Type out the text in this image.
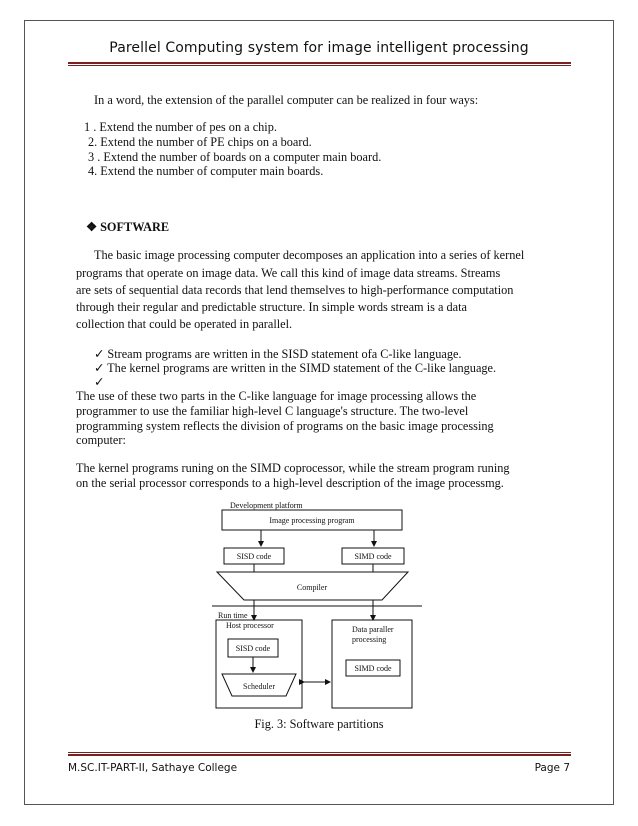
Parellel Computing system for image intelligent processing
In a word, the extension of the parallel computer can be realized in four ways:
1 . Extend the number of pes on a chip.
2. Extend the number of PE chips on a board.
3 . Extend the number of boards on a computer main board.
4. Extend the number of computer main boards.
❖ SOFTWARE
The basic image processing computer decomposes an application into a series of kernel
programs that operate on image data. We call this kind of image data streams. Streams
are sets of sequential data records that lend themselves to high-performance computation
through their regular and predictable structure. In simple words stream is a data
collection that could be operated in parallel.
✓ Stream programs are written in the SISD statement ofa C-like language.
✓ The kernel programs are written in the SIMD statement of the C-like language.
✓
The use of these two parts in the C-like language for image processing allows the
programmer to use the familiar high-level C language's structure. The two-level
programming system reflects the division of programs on the basic image processing
computer:
The kernel programs runing on the SIMD coprocessor, while the stream program runing
on the serial processor corresponds to a high-level description of the image processmg.
Development platform
Image processing program
SISD code	SIMD code
Compiler
Run time
Host processor
SISD code
Scheduler
Data paraller
processing
SIMD code
Fig. 3: Software partitions
M.SC.IT-PART-II, Sathaye College	Page 7
